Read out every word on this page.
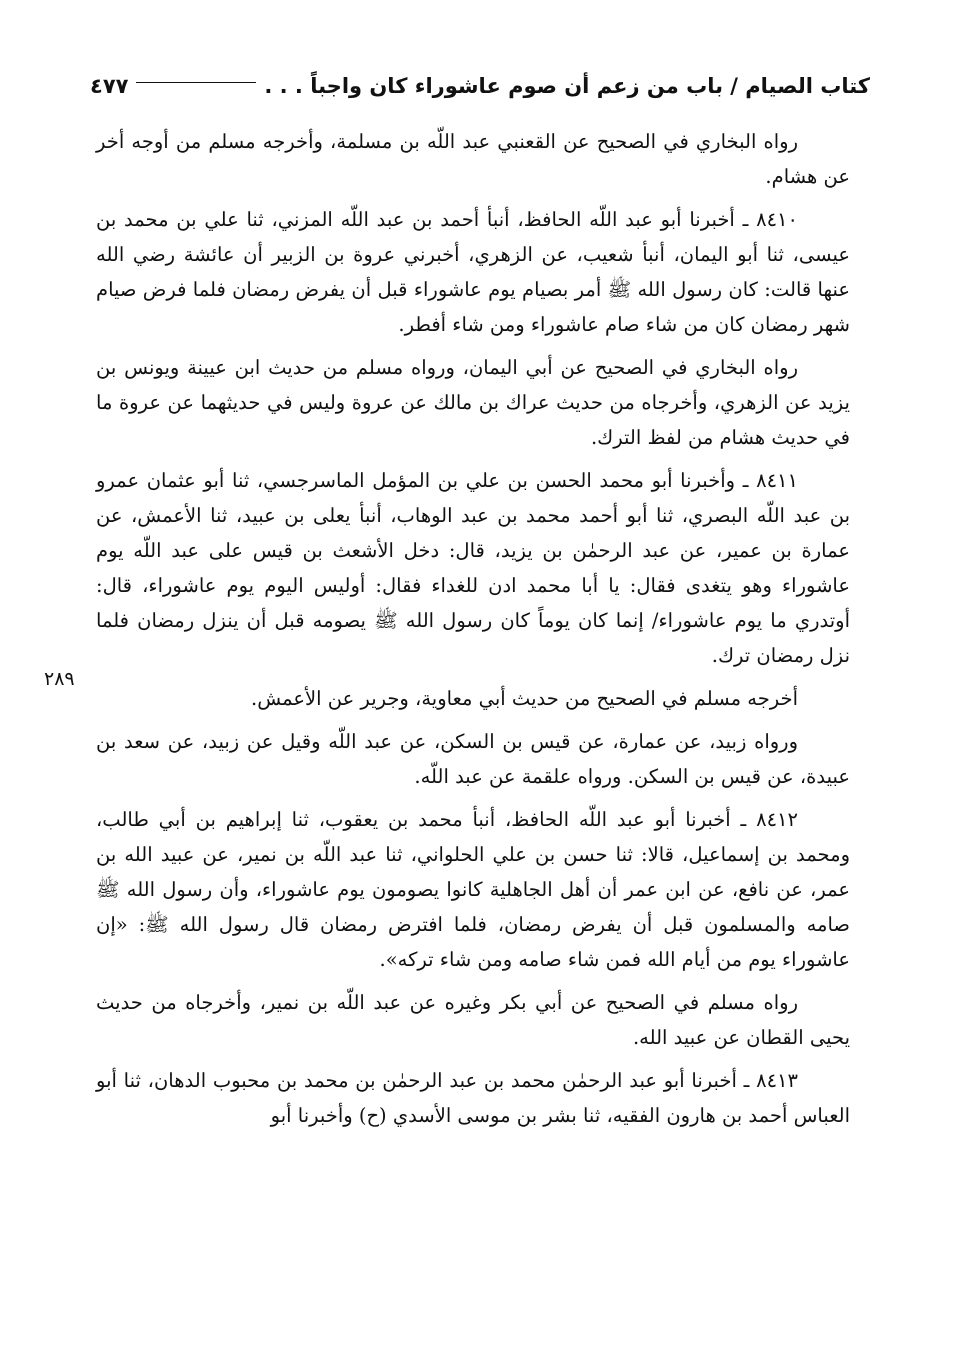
كتاب الصيام / باب من زعم أن صوم عاشوراء كان واجباً . . .
٤٧٧
٢٨٩

رواه البخاري في الصحيح عن القعنبي عبد اللّه بن مسلمة، وأخرجه مسلم من أوجه أخر عن هشام.

٨٤١٠ ـ أخبرنا أبو عبد اللّه الحافظ، أنبأ أحمد بن عبد اللّه المزني، ثنا علي بن محمد بن عيسى، ثنا أبو اليمان، أنبأ شعيب، عن الزهري، أخبرني عروة بن الزبير أن عائشة رضي الله عنها قالت: كان رسول الله ﷺ أمر بصيام يوم عاشوراء قبل أن يفرض رمضان فلما فرض صيام شهر رمضان كان من شاء صام عاشوراء ومن شاء أفطر.

رواه البخاري في الصحيح عن أبي اليمان، ورواه مسلم من حديث ابن عيينة ويونس بن يزيد عن الزهري، وأخرجاه من حديث عراك بن مالك عن عروة وليس في حديثهما عن عروة ما في حديث هشام من لفظ الترك.

٨٤١١ ـ وأخبرنا أبو محمد الحسن بن علي بن المؤمل الماسرجسي، ثنا أبو عثمان عمرو بن عبد اللّه البصري، ثنا أبو أحمد محمد بن عبد الوهاب، أنبأ يعلى بن عبيد، ثنا الأعمش، عن عمارة بن عمير، عن عبد الرحمٰن بن يزيد، قال: دخل الأشعث بن قيس على عبد اللّه يوم عاشوراء وهو يتغدى فقال: يا أبا محمد ادن للغداء فقال: أوليس اليوم يوم عاشوراء، قال: أوتدري ما يوم عاشوراء/ إنما كان يوماً كان رسول الله ﷺ يصومه قبل أن ينزل رمضان فلما نزل رمضان ترك.

أخرجه مسلم في الصحيح من حديث أبي معاوية، وجرير عن الأعمش.

ورواه زبيد، عن عمارة، عن قيس بن السكن، عن عبد اللّه وقيل عن زبيد، عن سعد بن عبيدة، عن قيس بن السكن. ورواه علقمة عن عبد اللّه.

٨٤١٢ ـ أخبرنا أبو عبد اللّه الحافظ، أنبأ محمد بن يعقوب، ثنا إبراهيم بن أبي طالب، ومحمد بن إسماعيل، قالا: ثنا حسن بن علي الحلواني، ثنا عبد اللّه بن نمير، عن عبيد الله بن عمر، عن نافع، عن ابن عمر أن أهل الجاهلية كانوا يصومون يوم عاشوراء، وأن رسول الله ﷺ صامه والمسلمون قبل أن يفرض رمضان، فلما افترض رمضان قال رسول الله ﷺ: «إن عاشوراء يوم من أيام الله فمن شاء صامه ومن شاء تركه».

رواه مسلم في الصحيح عن أبي بكر وغيره عن عبد اللّه بن نمير، وأخرجاه من حديث يحيى القطان عن عبيد الله.

٨٤١٣ ـ أخبرنا أبو عبد الرحمٰن محمد بن عبد الرحمٰن بن محمد بن محبوب الدهان، ثنا أبو العباس أحمد بن هارون الفقيه، ثنا بشر بن موسى الأسدي (ح) وأخبرنا أبو
